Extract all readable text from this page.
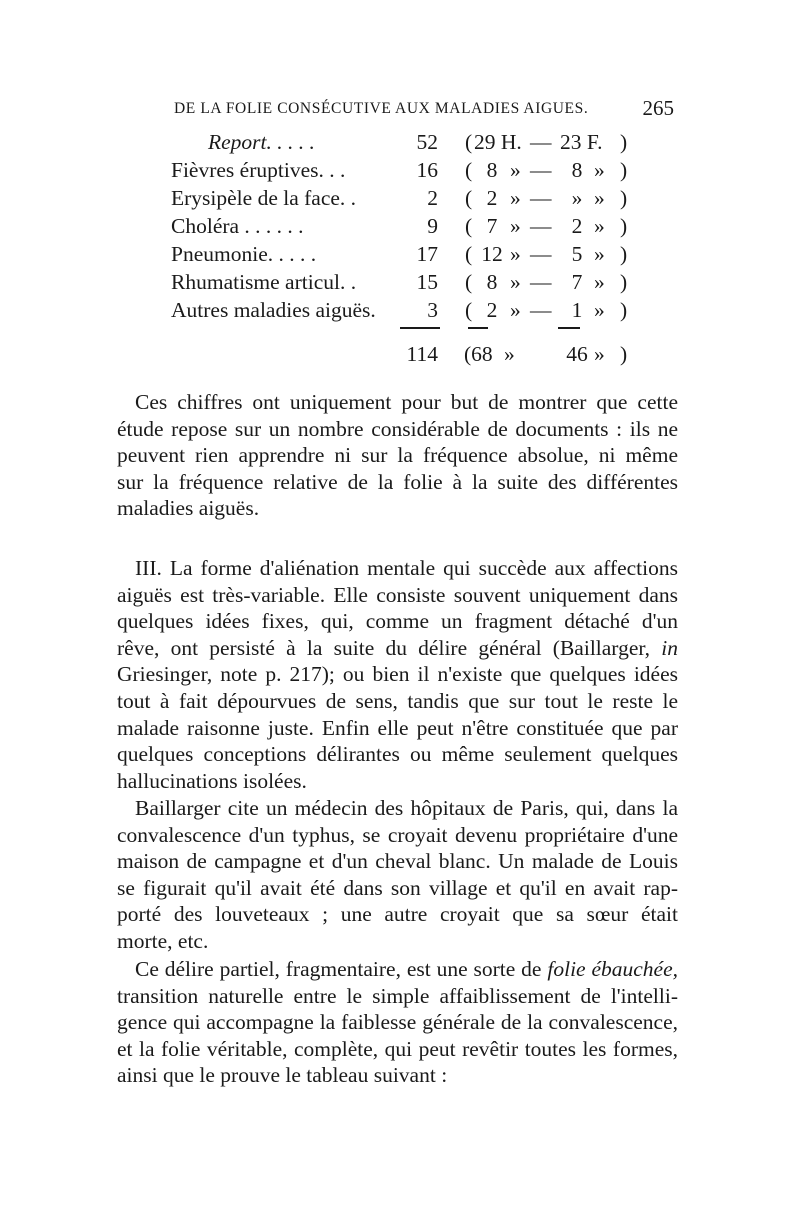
DE LA FOLIE CONSÉCUTIVE AUX MALADIES AIGUES.	265
Report. . . . .	52 ( 29 H. — 23 F. )
Fièvres éruptives. . .	16 ( 8 » — 8 » )
Erysipèle de la face. .	2 ( 2 » — » » )
Choléra . . . . . .	9 ( 7 » — 2 » )
Pneumonie. . . . .	17 ( 12 » — 5 » )
Rhumatisme articul. .	15 ( 8 » — 7 » )
Autres maladies aiguës.	3 ( 2 » — 1 » )
114 (68 » 46 » )
Ces chiffres ont uniquement pour but de montrer que cette
étude repose sur un nombre considérable de documents : ils ne
peuvent rien apprendre ni sur la fréquence absolue, ni même
sur la fréquence relative de la folie à la suite des différentes
maladies aiguës.
III. La forme d'aliénation mentale qui succède aux affections
aiguës est très-variable. Elle consiste souvent uniquement dans
quelques idées fixes, qui, comme un fragment détaché d'un
rêve, ont persisté à la suite du délire général (Baillarger, in
Griesinger, note p. 217); ou bien il n'existe que quelques idées
tout à fait dépourvues de sens, tandis que sur tout le reste le
malade raisonne juste. Enfin elle peut n'être constituée que par
quelques conceptions délirantes ou même seulement quelques
hallucinations isolées.
Baillarger cite un médecin des hôpitaux de Paris, qui, dans la
convalescence d'un typhus, se croyait devenu propriétaire d'une
maison de campagne et d'un cheval blanc. Un malade de Louis
se figurait qu'il avait été dans son village et qu'il en avait rap-
porté des louveteaux ; une autre croyait que sa sœur était
morte, etc.
Ce délire partiel, fragmentaire, est une sorte de folie ébauchée,
transition naturelle entre le simple affaiblissement de l'intelli-
gence qui accompagne la faiblesse générale de la convalescence,
et la folie véritable, complète, qui peut revêtir toutes les formes,
ainsi que le prouve le tableau suivant :
